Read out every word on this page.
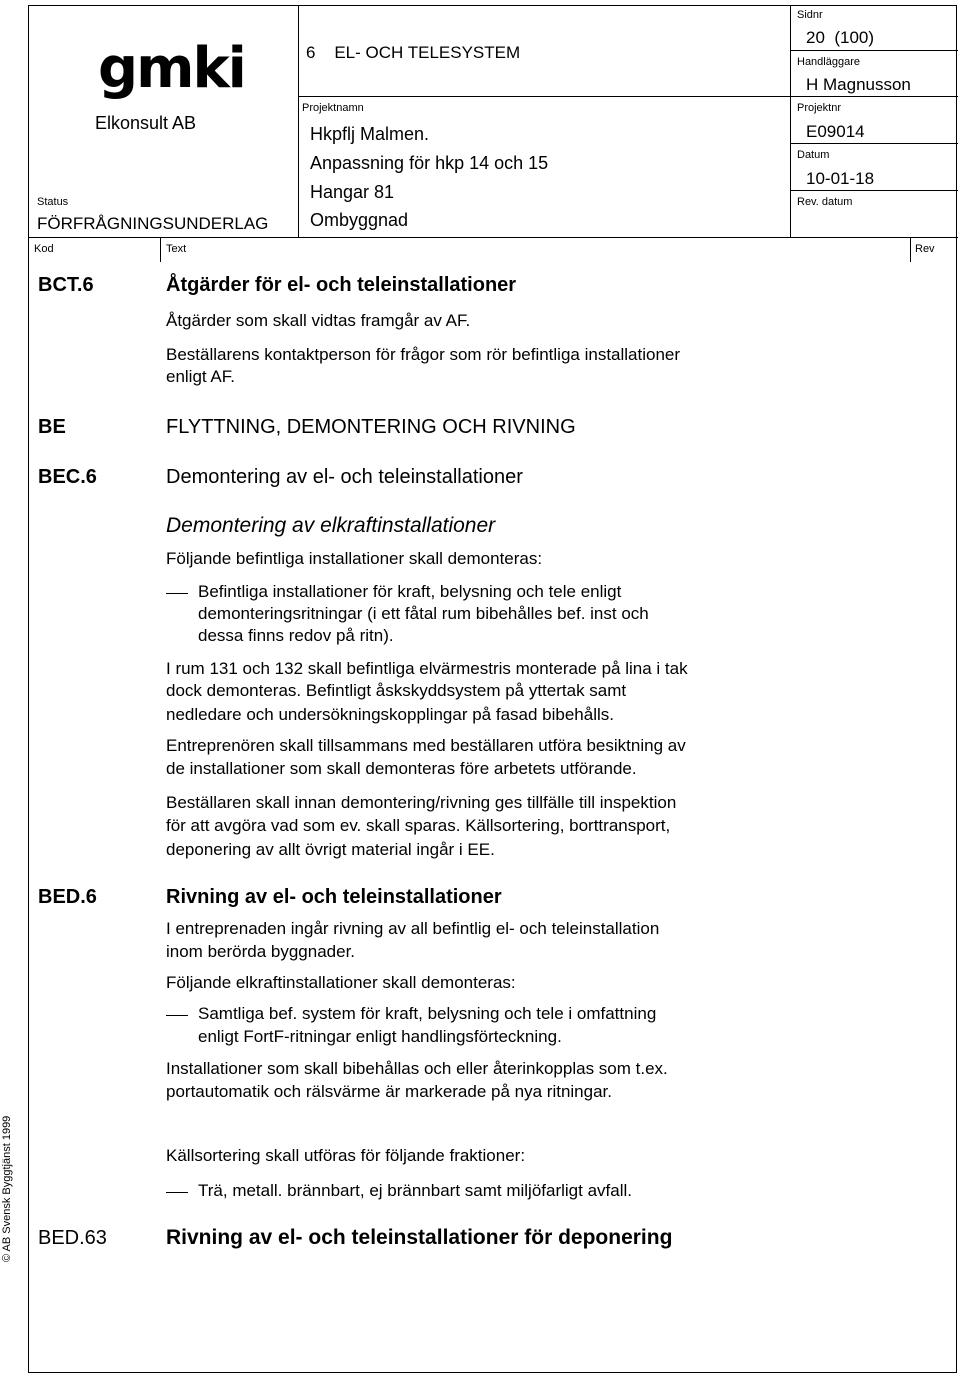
gmki
Elkonsult AB
Status
FÖRFRÅGNINGSUNDERLAG
6    EL- OCH TELESYSTEM
Projektnamn
Hkpflj Malmen.
Anpassning för hkp 14 och 15
Hangar 81
Ombyggnad
Sidnr
20  (100)
Handläggare
H Magnusson
Projektnr
E09014
Datum
10-01-18
Rev. datum
Kod	Text	Rev
© AB Svensk Byggtjänst 1999
BCT.6	Åtgärder för el- och teleinstallationer
Åtgärder som skall vidtas framgår av AF.
Beställarens kontaktperson för frågor som rör befintliga installationer
enligt AF.
BE	FLYTTNING, DEMONTERING OCH RIVNING
BEC.6	Demontering av el- och teleinstallationer
Demontering av elkraftinstallationer
Följande befintliga installationer skall demonteras:
Befintliga installationer för kraft, belysning och tele enligt
demonteringsritningar (i ett fåtal rum bibehålles bef. inst och
dessa finns redov på ritn).
I rum 131 och 132 skall befintliga elvärmestris monterade på lina i tak
dock demonteras. Befintligt åskskyddsystem på yttertak samt
nedledare och undersökningskopplingar på fasad bibehålls.
Entreprenören skall tillsammans med beställaren utföra besiktning av
de installationer som skall demonteras före arbetets utförande.
Beställaren skall innan demontering/rivning ges tillfälle till inspektion
för att avgöra vad som ev. skall sparas. Källsortering, borttransport,
deponering av allt övrigt material ingår i EE.
BED.6	Rivning av el- och teleinstallationer
I entreprenaden ingår rivning av all befintlig el- och teleinstallation
inom berörda byggnader.
Följande elkraftinstallationer skall demonteras:
Samtliga bef. system för kraft, belysning och tele i omfattning
enligt FortF-ritningar enligt handlingsförteckning.
Installationer som skall bibehållas och eller återinkopplas som t.ex.
portautomatik och rälsvärme är markerade på nya ritningar.
Källsortering skall utföras för följande fraktioner:
Trä, metall. brännbart, ej brännbart samt miljöfarligt avfall.
BED.63	Rivning av el- och teleinstallationer för deponering
